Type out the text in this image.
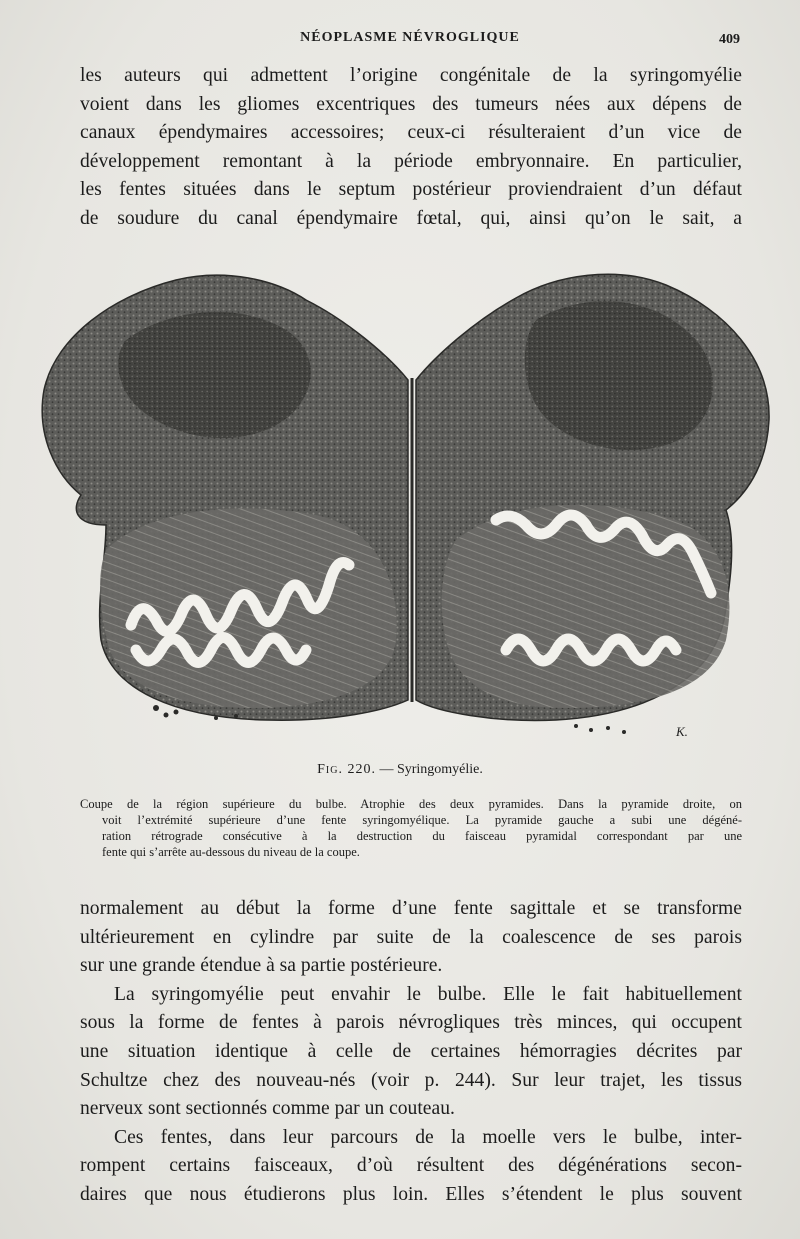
NÉOPLASME NÉVROGLIQUE	409
les auteurs qui admettent l’origine congénitale de la syringomyélie
voient dans les gliomes excentriques des tumeurs nées aux dépens de
canaux épendymaires accessoires; ceux-ci résulteraient d’un vice de
développement remontant à la période embryonnaire. En particulier,
les fentes situées dans le septum postérieur proviendraient d’un défaut
de soudure du canal épendymaire fœtal, qui, ainsi qu’on le sait, a
K.
Fig. 220. — Syringomyélie.
Coupe de la région supérieure du bulbe. Atrophie des deux pyramides. Dans la pyramide droite, on
voit l’extrémité supérieure d’une fente syringomyélique. La pyramide gauche a subi une dégéné-
ration rétrograde consécutive à la destruction du faisceau pyramidal correspondant par une
fente qui s’arrête au-dessous du niveau de la coupe.
normalement au début la forme d’une fente sagittale et se transforme
ultérieurement en cylindre par suite de la coalescence de ses parois
sur une grande étendue à sa partie postérieure.
La syringomyélie peut envahir le bulbe. Elle le fait habituellement
sous la forme de fentes à parois névrogliques très minces, qui occupent
une situation identique à celle de certaines hémorragies décrites par
Schultze chez des nouveau-nés (voir p. 244). Sur leur trajet, les tissus
nerveux sont sectionnés comme par un couteau.
Ces fentes, dans leur parcours de la moelle vers le bulbe, inter-
rompent certains faisceaux, d’où résultent des dégénérations secon-
daires que nous étudierons plus loin. Elles s’étendent le plus souvent
